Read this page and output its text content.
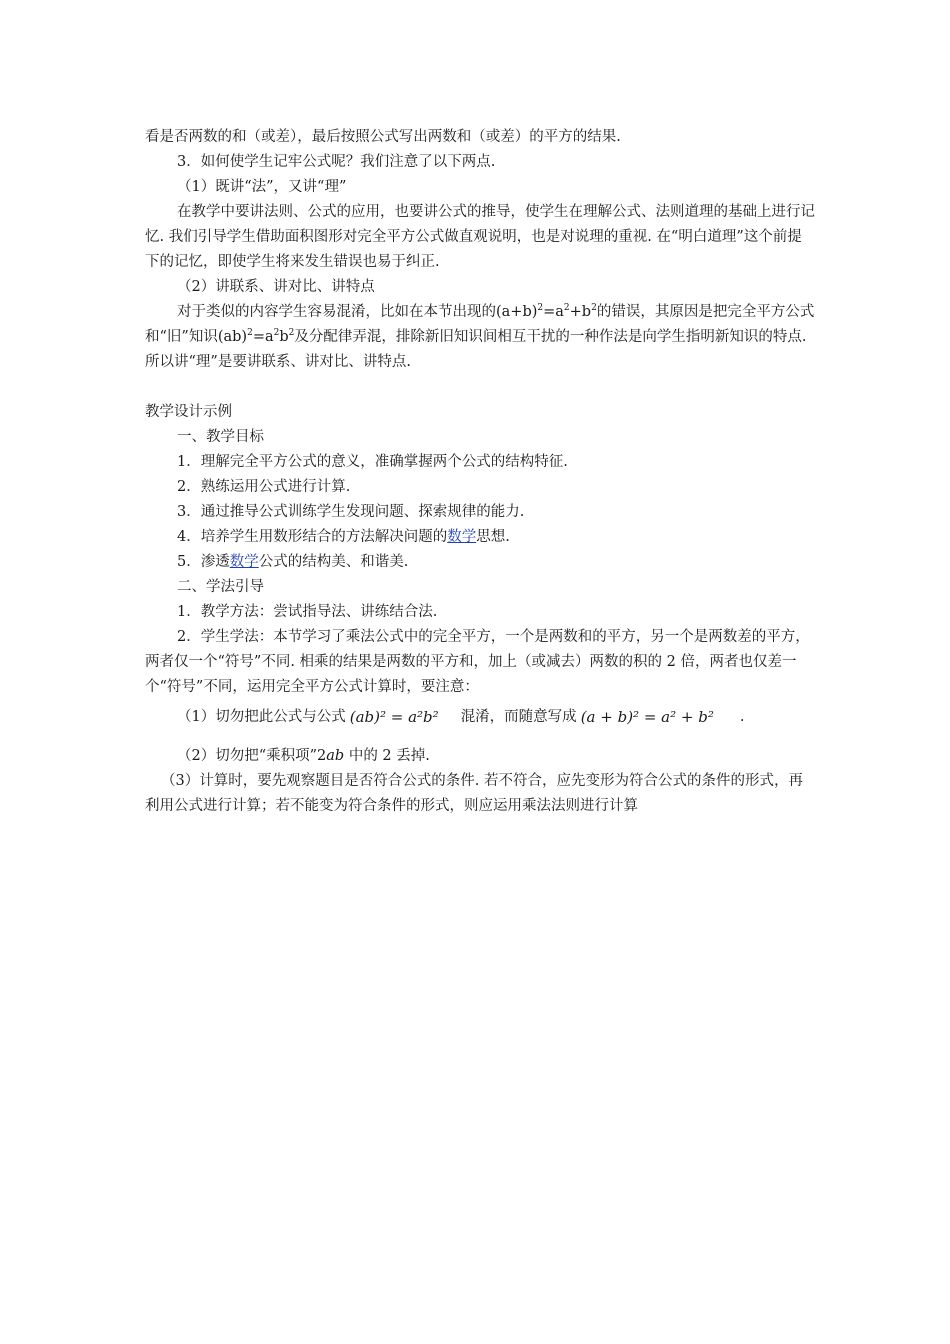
看是否两数的和（或差），最后按照公式写出两数和（或差）的平方的结果.

3．如何使学生记牢公式呢？我们注意了以下两点.

（1）既讲“法”，又讲“理”

在教学中要讲法则、公式的应用，也要讲公式的推导，使学生在理解公式、法则道理的基础上进行记忆. 我们引导学生借助面积图形对完全平方公式做直观说明，也是对说理的重视. 在“明白道理”这个前提下的记忆，即使学生将来发生错误也易于纠正.

（2）讲联系、讲对比、讲特点

对于类似的内容学生容易混淆，比如在本节出现的$(a+b)^2=a^2+b^2$的错误，其原因是把完全平方公式和“旧”知识$(ab)^2=a^2b^2$及分配律弄混，排除新旧知识间相互干扰的一种作法是向学生指明新知识的特点. 所以讲“理”是要讲联系、讲对比、讲特点.

教学设计示例

一、教学目标

1．理解完全平方公式的意义，准确掌握两个公式的结构特征.

2．熟练运用公式进行计算.

3．通过推导公式训练学生发现问题、探索规律的能力.

4．培养学生用数形结合的方法解决问题的数学思想.

5．渗透数学公式的结构美、和谐美.

二、学法引导

1．教学方法：尝试指导法、讲练结合法.

2．学生学法：本节学习了乘法公式中的完全平方，一个是两数和的平方，另一个是两数差的平方，两者仅一个“符号”不同. 相乘的结果是两数的平方和，加上（或减去）两数的积的 2 倍，两者也仅差一个“符号”不同，运用完全平方公式计算时，要注意：

（1）切勿把此公式与公式 (ab)² = a²b² 混淆，而随意写成 (a + b)² = a² + b² .

（2）切勿把“乘积项”2ab 中的 2 丢掉.

（3）计算时，要先观察题目是否符合公式的条件. 若不符合，应先变形为符合公式的条件的形式，再利用公式进行计算；若不能变为符合条件的形式，则应运用乘法法则进行计算
